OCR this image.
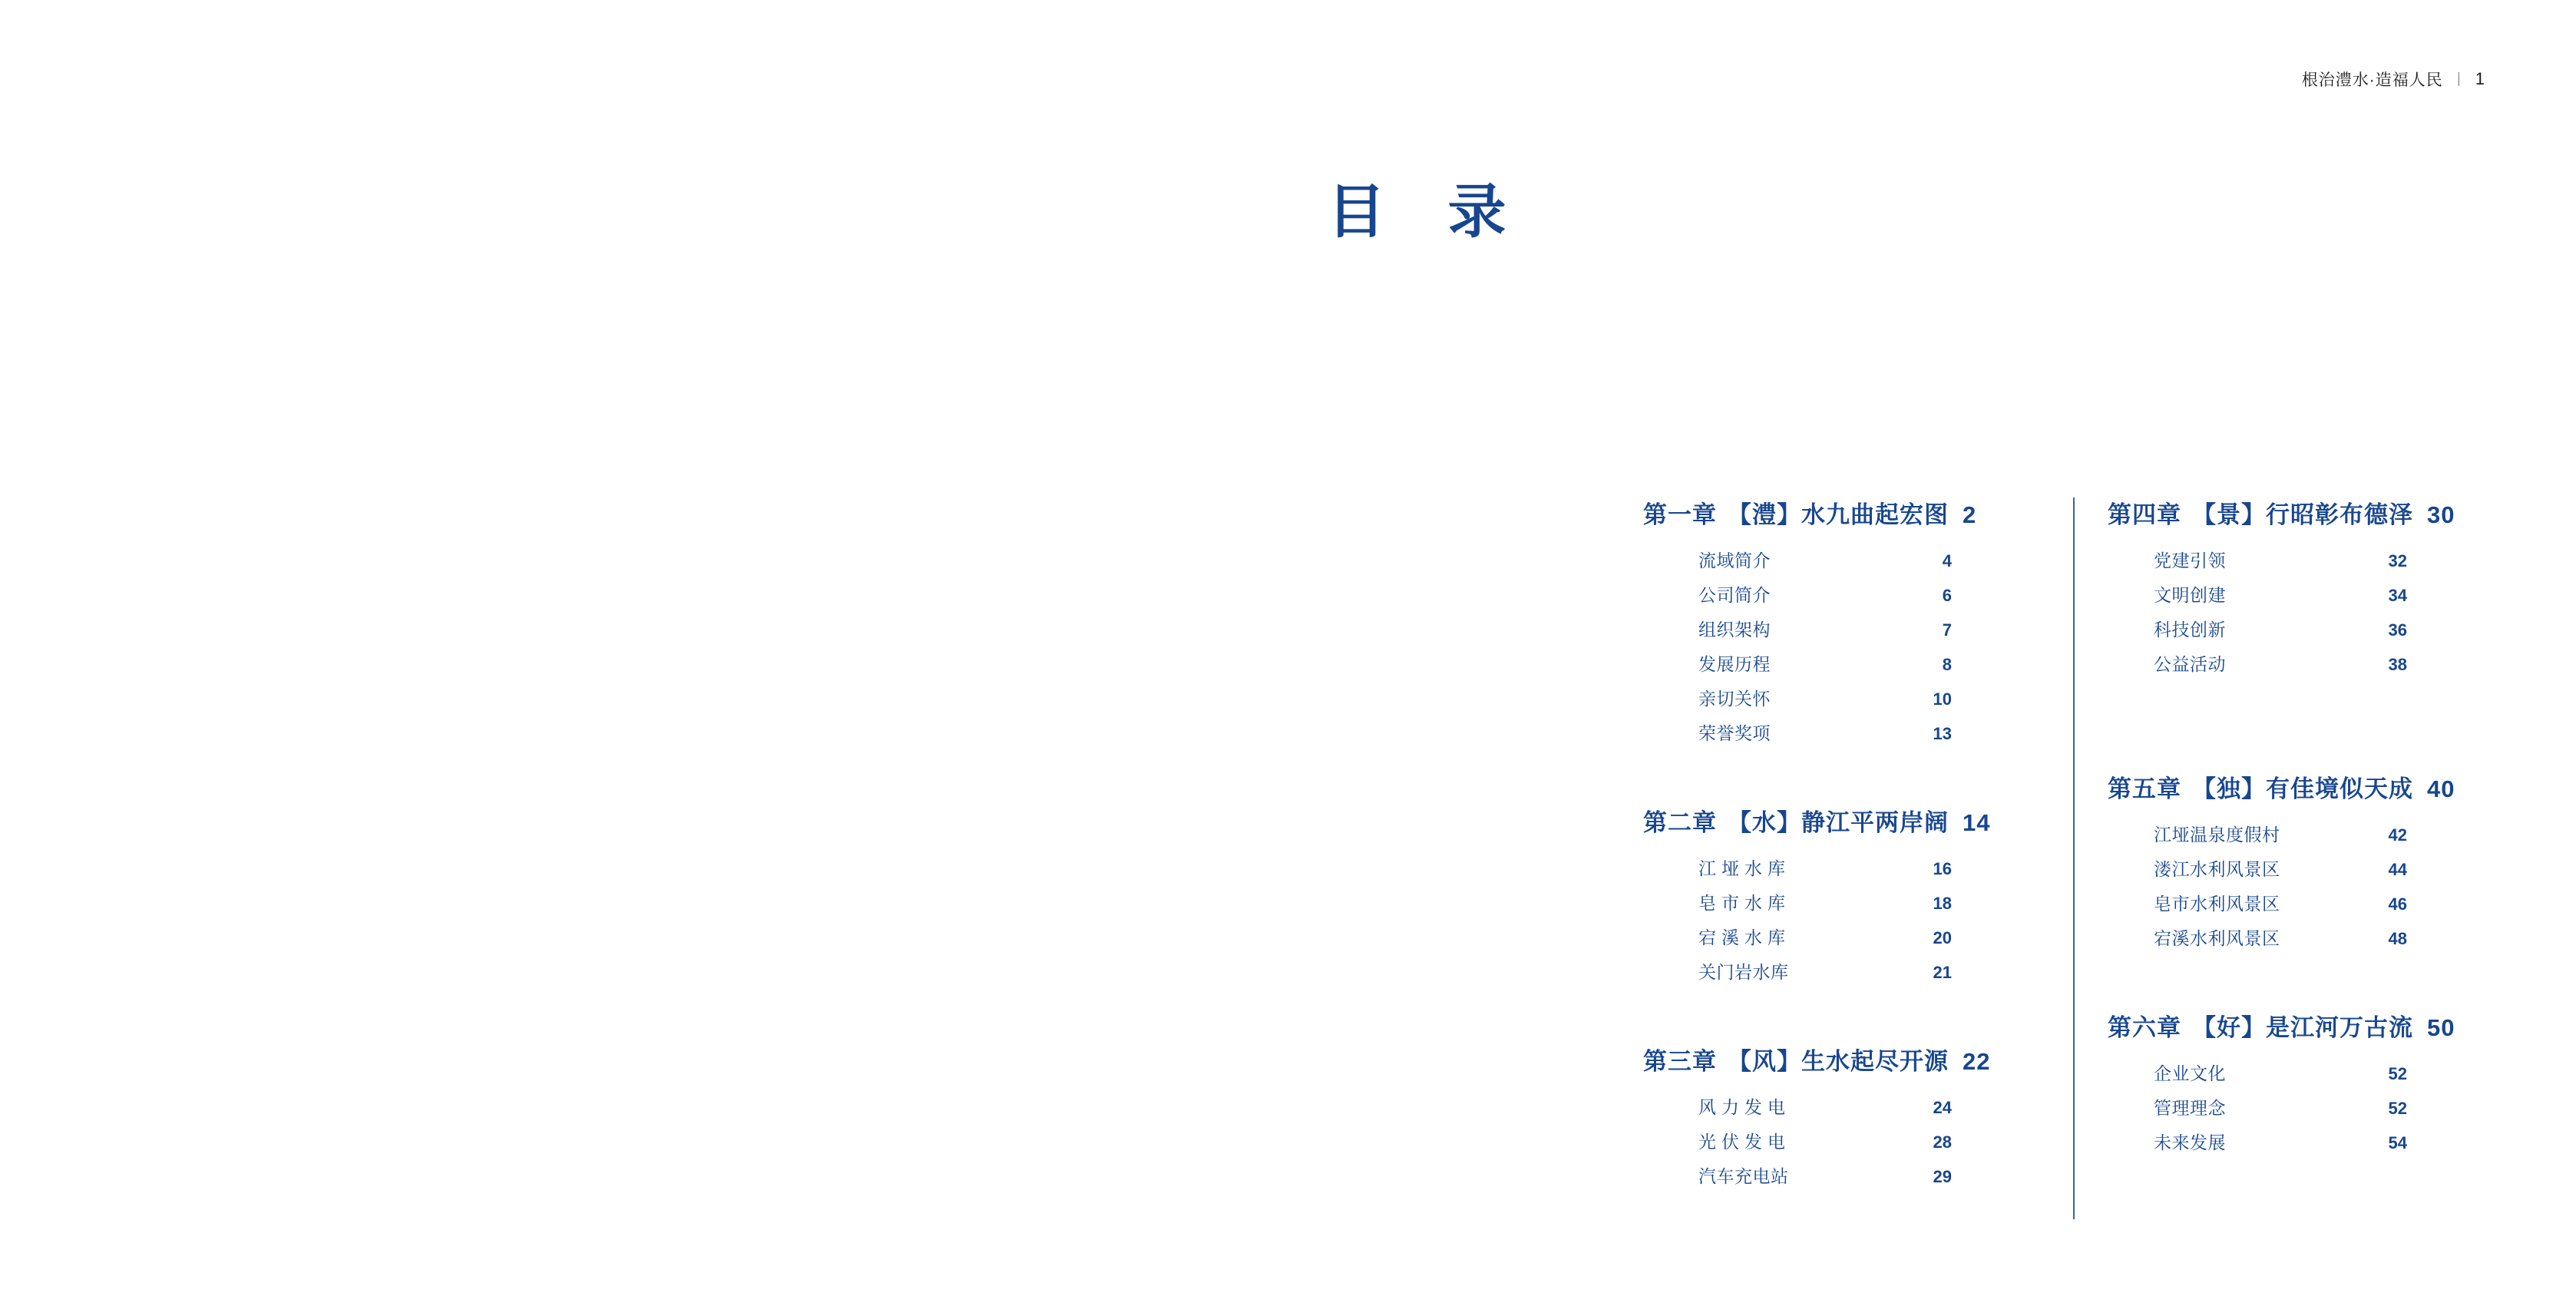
根治澧水·造福人民 | 1
目 录
第一章 【澧】水九曲起宏图 2
流域简介	4
公司简介	6
组织架构	7
发展历程	8
亲切关怀	10
荣誉奖项	13
第二章 【水】静江平两岸阔 14
江垭水库	16
皂市水库	18
宕溪水库	20
关门岩水库	21
第三章 【风】生水起尽开源 22
风力发电	24
光伏发电	28
汽车充电站	29
第四章 【景】行昭彰布德泽 30
党建引领	32
文明创建	34
科技创新	36
公益活动	38
第五章 【独】有佳境似天成 40
江垭温泉度假村	42
溇江水利风景区	44
皂市水利风景区	46
宕溪水利风景区	48
第六章 【好】是江河万古流 50
企业文化	52
管理理念	52
未来发展	54
